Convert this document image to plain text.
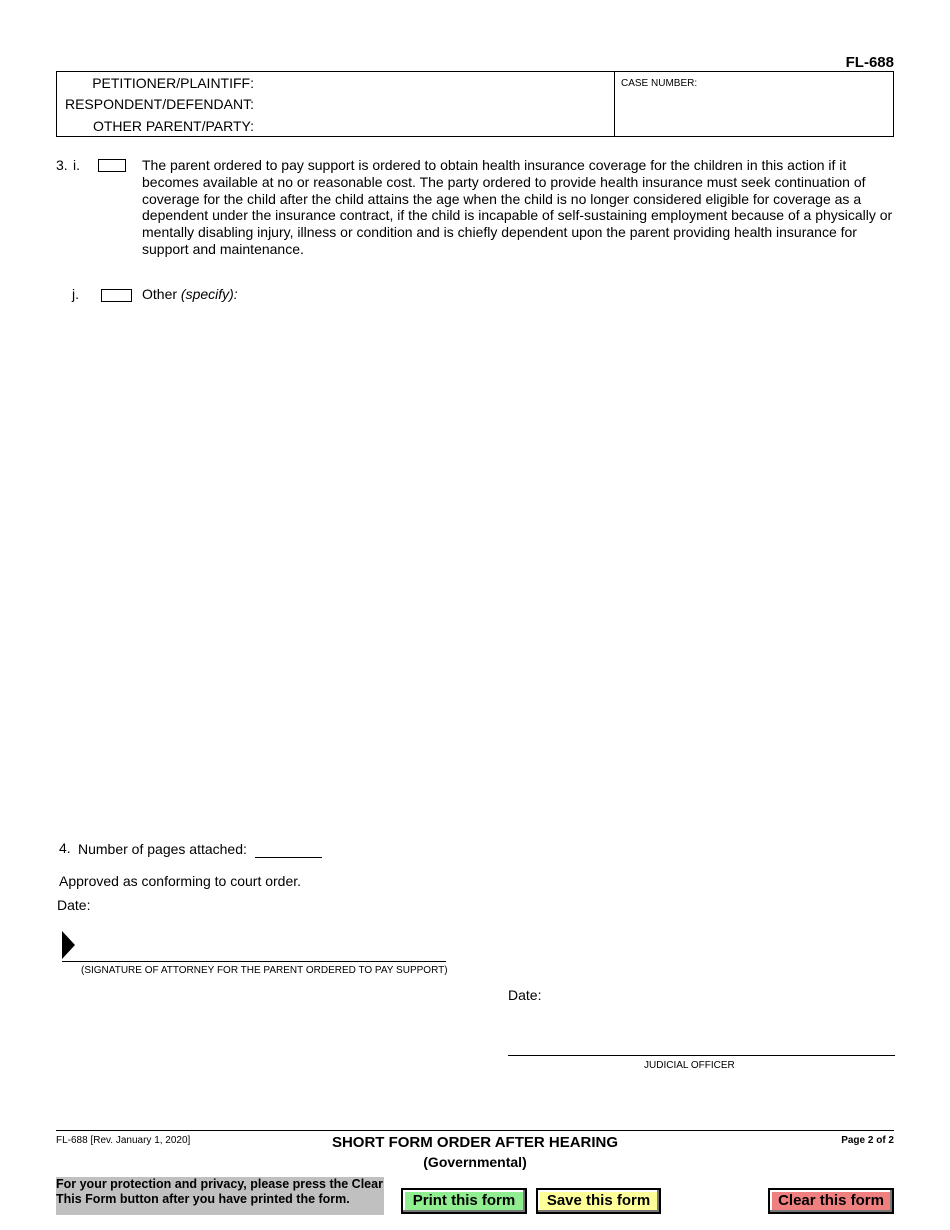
FL-688
PETITIONER/PLAINTIFF:
RESPONDENT/DEFENDANT:
OTHER PARENT/PARTY:
CASE NUMBER:
3. i.	The parent ordered to pay support is ordered to obtain health insurance coverage for the children in this action if it becomes available at no or reasonable cost. The party ordered to provide health insurance must seek continuation of coverage for the child after the child attains the age when the child is no longer considered eligible for coverage as a dependent under the insurance contract, if the child is incapable of self-sustaining employment because of a physically or mentally disabling injury, illness or condition and is chiefly dependent upon the parent providing health insurance for support and maintenance.
j.	Other (specify):
4. Number of pages attached:
Approved as conforming to court order.
Date:
(SIGNATURE OF ATTORNEY FOR THE PARENT ORDERED TO PAY SUPPORT)
Date:
JUDICIAL OFFICER
FL-688 [Rev. January 1, 2020]	SHORT FORM ORDER AFTER HEARING
(Governmental)
Page 2 of 2
For your protection and privacy, please press the Clear
This Form button after you have printed the form.	Print this form	Save this form	Clear this form
